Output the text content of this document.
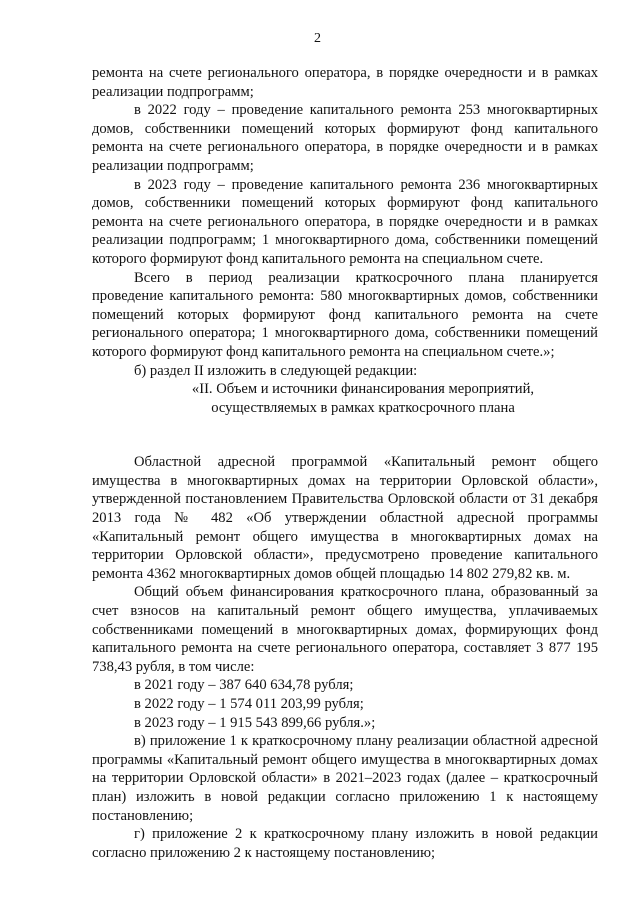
2

ремонта на счете регионального оператора, в порядке очередности и в рамках реализации подпрограмм;

в 2022 году – проведение капитального ремонта 253 многоквартирных домов, собственники помещений которых формируют фонд капитального ремонта на счете регионального оператора, в порядке очередности и в рамках реализации подпрограмм;

в 2023 году – проведение капитального ремонта 236 многоквартирных домов, собственники помещений которых формируют фонд капитального ремонта на счете регионального оператора, в порядке очередности и в рамках реализации подпрограмм; 1 многоквартирного дома, собственники помещений которого формируют фонд капитального ремонта на специальном счете.

Всего в период реализации краткосрочного плана планируется проведение капитального ремонта: 580 многоквартирных домов, собственники помещений которых формируют фонд капитального ремонта на счете регионального оператора; 1 многоквартирного дома, собственники помещений которого формируют фонд капитального ремонта на специальном счете.»;

б) раздел II изложить в следующей редакции:

«II. Объем и источники финансирования мероприятий,

осуществляемых в рамках краткосрочного плана

Областной адресной программой «Капитальный ремонт общего имущества в многоквартирных домах на территории Орловской области», утвержденной постановлением Правительства Орловской области от 31 декабря 2013 года № 482 «Об утверждении областной адресной программы «Капитальный ремонт общего имущества в многоквартирных домах на территории Орловской области», предусмотрено проведение капитального ремонта 4362 многоквартирных домов общей площадью 14 802 279,82 кв. м.

Общий объем финансирования краткосрочного плана, образованный за счет взносов на капитальный ремонт общего имущества, уплачиваемых собственниками помещений в многоквартирных домах, формирующих фонд капитального ремонта на счете регионального оператора, составляет 3 877 195 738,43 рубля, в том числе:

в 2021 году – 387 640 634,78 рубля;

в 2022 году – 1 574 011 203,99 рубля;

в 2023 году – 1 915 543 899,66 рубля.»;

в) приложение 1 к краткосрочному плану реализации областной адресной программы «Капитальный ремонт общего имущества в многоквартирных домах на территории Орловской области» в 2021–2023 годах (далее – краткосрочный план) изложить в новой редакции согласно приложению 1 к настоящему постановлению;

г) приложение 2 к краткосрочному плану изложить в новой редакции согласно приложению 2 к настоящему постановлению;
